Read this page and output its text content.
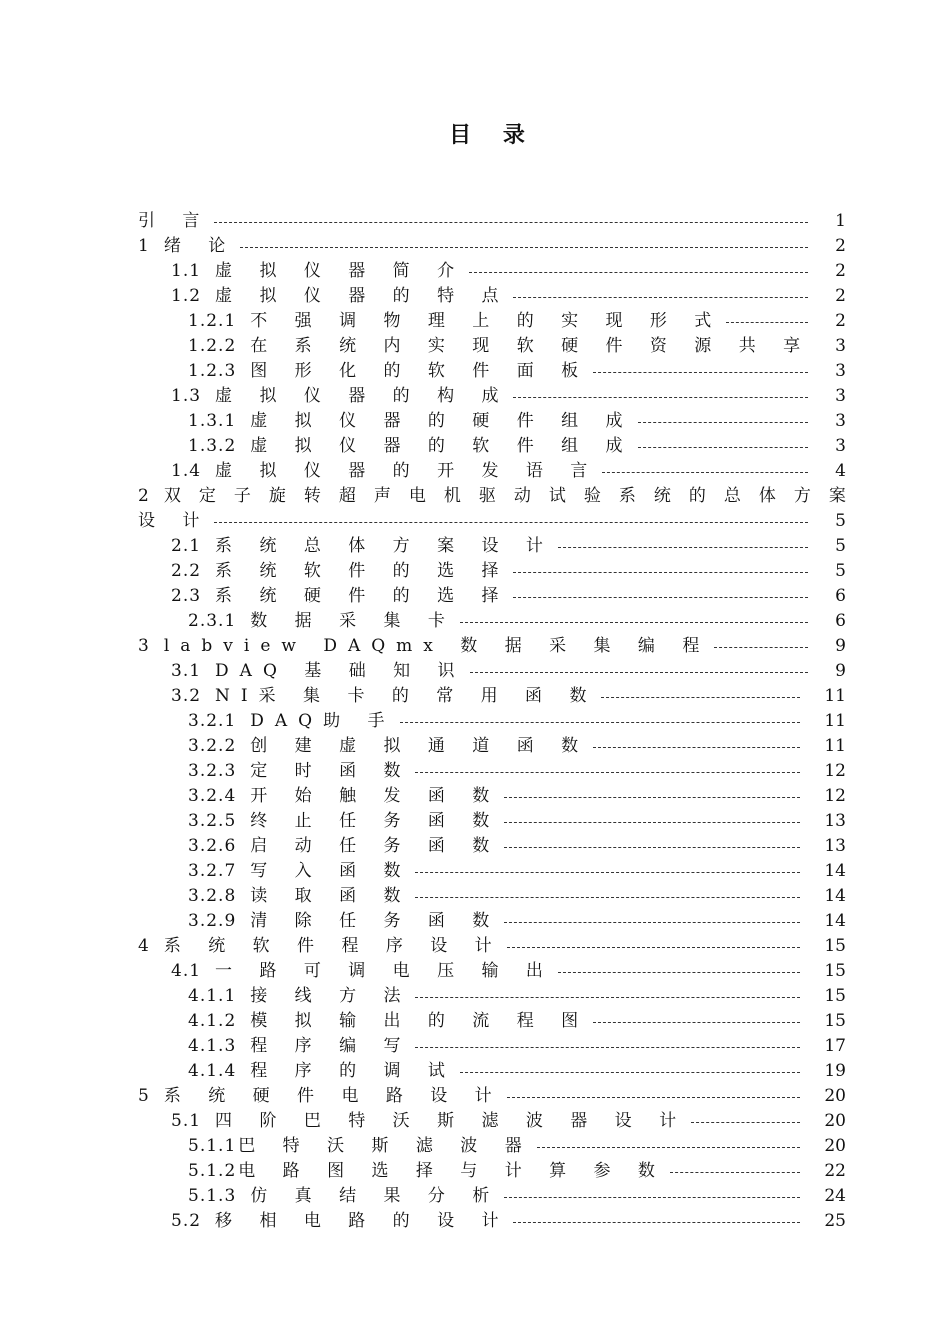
目 录
引 言	1
1 绪 论	2
1.1 虚 拟 仪 器 简 介	2
1.2 虚 拟 仪 器 的 特 点	2
1.2.1 不 强 调 物 理 上 的 实 现 形 式	2
1.2.2 在 系 统 内 实 现 软 硬 件 资 源 共 享	3
1.2.3 图 形 化 的 软 件 面 板	3
1.3 虚 拟 仪 器 的 构 成	3
1.3.1 虚 拟 仪 器 的 硬 件 组 成	3
1.3.2 虚 拟 仪 器 的 软 件 组 成	3
1.4 虚 拟 仪 器 的 开 发 语 言	4
2 双 定 子 旋 转 超 声 电 机 驱 动 试 验 系 统 的 总 体 方 案
设 计	5
2.1 系 统 总 体 方 案 设 计	5
2.2 系 统 软 件 的 选 择	5
2.3 系 统 硬 件 的 选 择	6
2.3.1 数 据 采 集 卡	6
3 labview DAQmx 数 据 采 集 编 程	9
3.1 DAQ 基 础 知 识	9
3.2 NI采 集 卡 的 常 用 函 数	11
3.2.1 DAQ助 手	11
3.2.2 创 建 虚 拟 通 道 函 数	11
3.2.3 定 时 函 数	12
3.2.4 开 始 触 发 函 数	12
3.2.5 终 止 任 务 函 数	13
3.2.6 启 动 任 务 函 数	13
3.2.7 写 入 函 数	14
3.2.8 读 取 函 数	14
3.2.9 清 除 任 务 函 数	14
4 系 统 软 件 程 序 设 计	15
4.1 一 路 可 调 电 压 输 出	15
4.1.1 接 线 方 法	15
4.1.2 模 拟 输 出 的 流 程 图	15
4.1.3 程 序 编 写	17
4.1.4 程 序 的 调 试	19
5 系 统 硬 件 电 路 设 计	20
5.1 四 阶 巴 特 沃 斯 滤 波 器 设 计	20
5.1.1 巴 特 沃 斯 滤 波 器	20
5.1.2 电 路 图 选 择 与 计 算 参 数	22
5.1.3 仿 真 结 果 分 析	24
5.2 移 相 电 路 的 设 计	25
